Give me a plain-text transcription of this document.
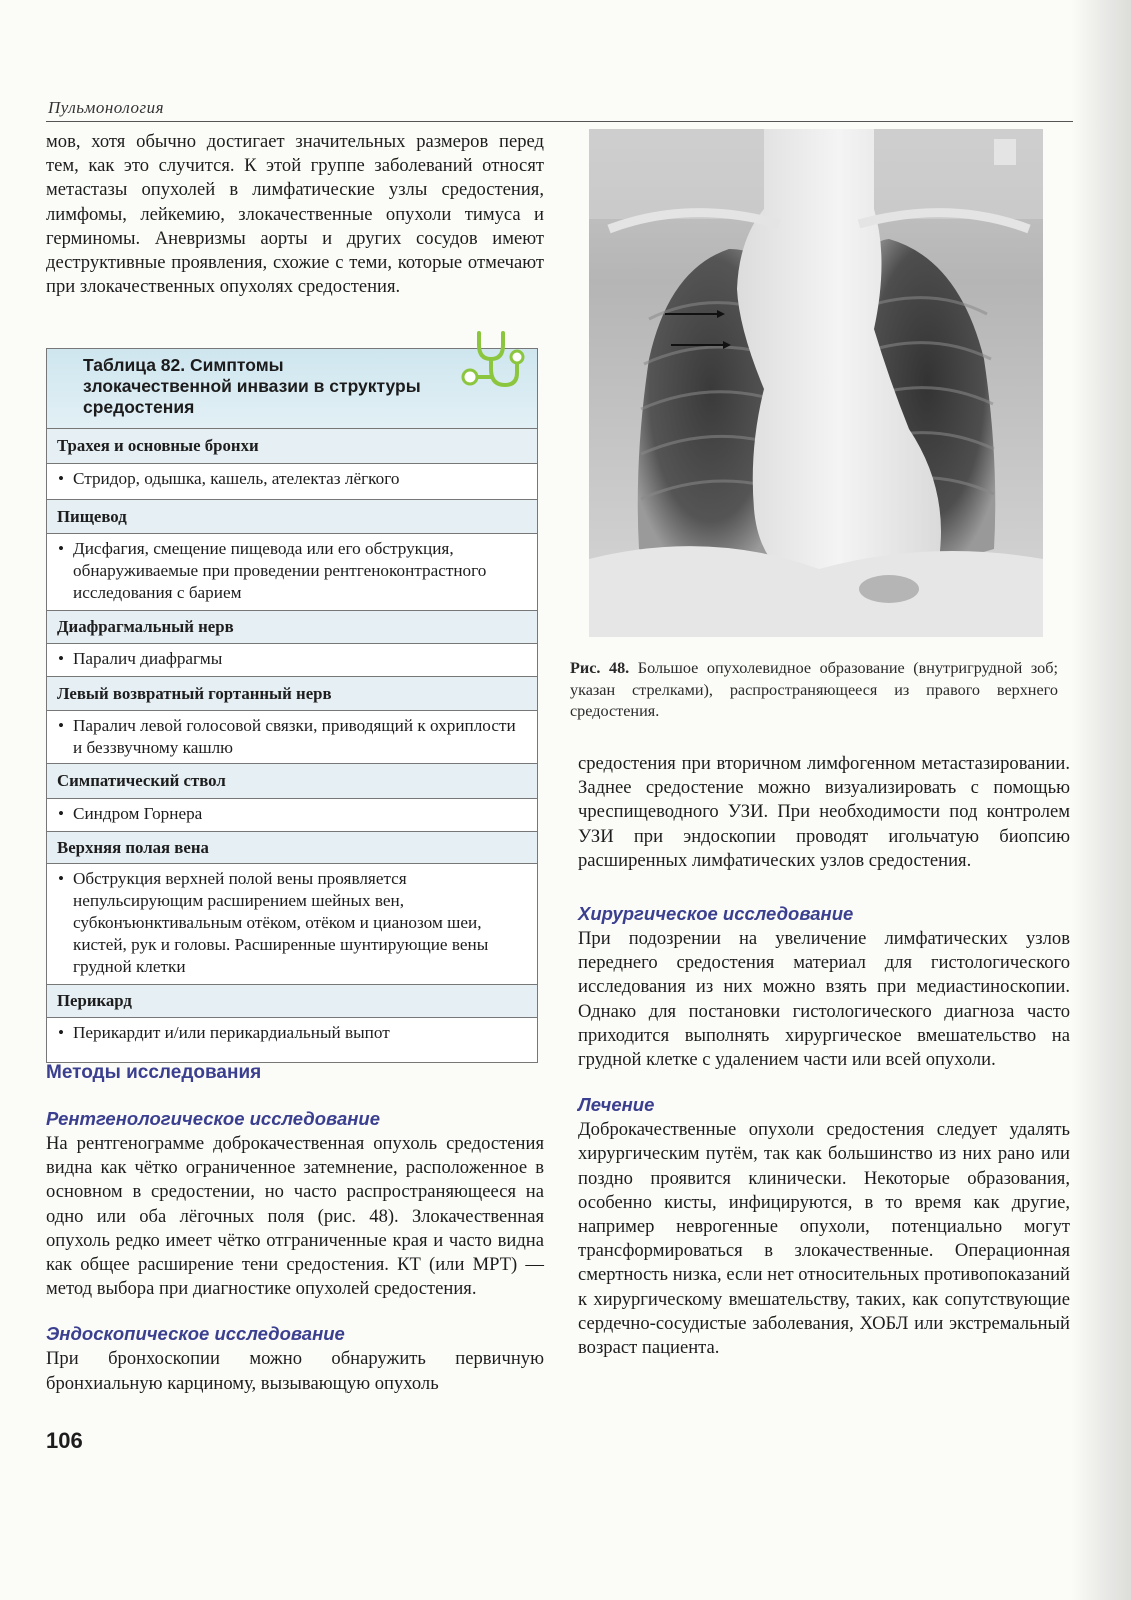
Пульмонология

мов, хотя обычно достигает значительных размеров перед тем, как это случится. К этой группе заболеваний относят метастазы опухолей в лимфатические узлы средостения, лимфомы, лейкемию, злокачественные опухоли тимуса и герминомы. Аневризмы аорты и других сосудов имеют деструктивные проявления, схожие с теми, которые отмечают при злокачественных опухолях средостения.

Таблица 82. Симптомы злокачественной инвазии в структуры средостения
Трахея и основные бронхи
• Стридор, одышка, кашель, ателектаз лёгкого
Пищевод
• Дисфагия, смещение пищевода или его обструкция, обнаруживаемые при проведении рентгеноконтрастного исследования с барием
Диафрагмальный нерв
• Паралич диафрагмы
Левый возвратный гортанный нерв
• Паралич левой голосовой связки, приводящий к охриплости и беззвучному кашлю
Симпатический ствол
• Синдром Горнера
Верхняя полая вена
• Обструкция верхней полой вены проявляется непульсирующим расширением шейных вен, субконъюнктивальным отёком, отёком и цианозом шеи, кистей, рук и головы. Расширенные шунтирующие вены грудной клетки
Перикард
• Перикардит и/или перикардиальный выпот
Методы исследования
Рентгенологическое исследование

На рентгенограмме доброкачественная опухоль средостения видна как чётко ограниченное затемнение, расположенное в основном в средостении, но часто распространяющееся на одно или оба лёгочных поля (рис. 48). Злокачественная опухоль редко имеет чётко отграниченные края и часто видна как общее расширение тени средостения. КТ (или МРТ) — метод выбора при диагностике опухолей средостения.

Эндоскопическое исследование

При бронхоскопии можно обнаружить первичную бронхиальную карциному, вызывающую опухоль

106
Рис. 48. Большое опухолевидное образование (внутригрудной зоб; указан стрелками), распространяющееся из правого верхнего средостения.

средостения при вторичном лимфогенном метастазировании. Заднее средостение можно визуализировать с помощью чреспищеводного УЗИ. При необходимости под контролем УЗИ при эндоскопии проводят игольчатую биопсию расширенных лимфатических узлов средостения.

Хирургическое исследование

При подозрении на увеличение лимфатических узлов переднего средостения материал для гистологического исследования из них можно взять при медиастиноскопии. Однако для постановки гистологического диагноза часто приходится выполнять хирургическое вмешательство на грудной клетке с удалением части или всей опухоли.

Лечение

Доброкачественные опухоли средостения следует удалять хирургическим путём, так как большинство из них рано или поздно проявится клинически. Некоторые образования, особенно кисты, инфицируются, в то время как другие, например неврогенные опухоли, потенциально могут трансформироваться в злокачественные. Операционная смертность низка, если нет относительных противопоказаний к хирургическому вмешательству, таких, как сопутствующие сердечно-сосудистые заболевания, ХОБЛ или экстремальный возраст пациента.
